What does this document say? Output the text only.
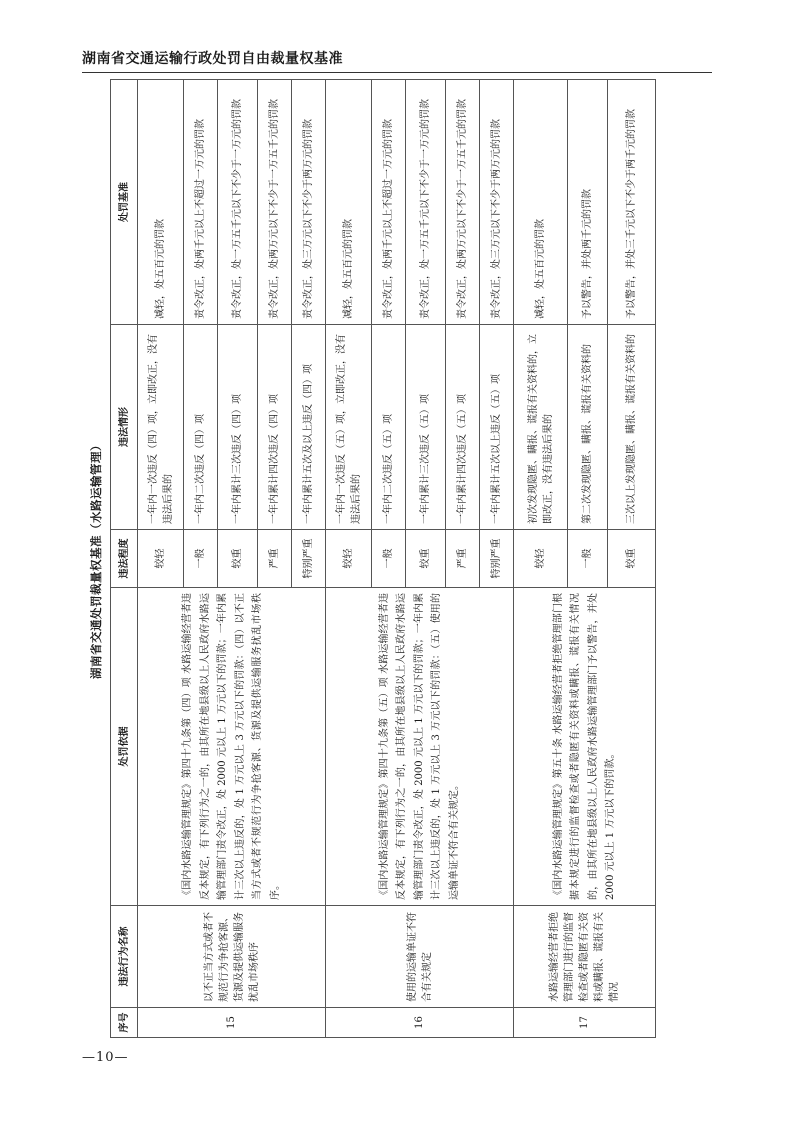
湖南省交通运输行政处罚自由裁量权基准
湖南省交通处罚裁量权基准（水路运输管理）
序号	违法行为名称	处罚依据	违法程度	违法情形	处罚基准
15	以不正当方式或者不规范行为争抢客源、货源及提供运输服务扰乱市场秩序	《国内水路运输管理规定》第四十九条第（四）项 水路运输经营者违反本规定，有下列行为之一的，由其所在地县级以上人民政府水路运输管理部门责令改正，处 2000 元以上 1 万元以下的罚款；一年内累计三次以上违反的，处 1 万元以上 3 万元以下的罚款：（四）以不正当方式或者不规范行为争抢客源、货源及提供运输服务扰乱市场秩序。	较轻	一年内一次违反（四）项，立即改正，没有违法后果的	减轻，处五百元的罚款
			一般	一年内二次违反（四）项	责令改正，处两千元以上不超过一万元的罚款
			较重	一年内累计三次违反（四）项	责令改正，处一万五千元以下不少于一万元的罚款
			严重	一年内累计四次违反（四）项	责令改正，处两万元以下不少于一万五千元的罚款
			特别严重	一年内累计五次及以上违反（四）项	责令改正，处三万元以下不少于两万元的罚款
16	使用的运输单证不符合有关规定	《国内水路运输管理规定》第四十九条第（五）项 水路运输经营者违反本规定，有下列行为之一的，由其所在地县级以上人民政府水路运输管理部门责令改正，处 2000 元以上 1 万元以下的罚款；一年内累计三次以上违反的，处 1 万元以上 3 万元以下的罚款：（五）使用的运输单证不符合有关规定。	较轻	一年内一次违反（五）项，立即改正，没有违法后果的	减轻，处五百元的罚款
			一般	一年内二次违反（五）项	责令改正，处两千元以上不超过一万元的罚款
			较重	一年内累计三次违反（五）项	责令改正，处一万五千元以下不少于一万元的罚款
			严重	一年内累计四次违反（五）项	责令改正，处两万元以下不少于一万五千元的罚款
			特别严重	一年内累计五次以上违反（五）项	责令改正，处三万元以下不少于两万元的罚款
17	水路运输经营者拒绝管理部门进行的监督检查或者隐匿有关资料或瞒报、谎报有关情况	《国内水路运输管理规定》第五十条 水路运输经营者拒绝管理部门根据本规定进行的监督检查或者隐匿有关资料或瞒报、谎报有关情况的，由其所在地县级以上人民政府水路运输管理部门予以警告，并处 2000 元以上 1 万元以下的罚款。	较轻	初次发现隐匿、瞒报、谎报有关资料的，立即改正，没有违法后果的	减轻，处五百元的罚款
			一般	第二次发现隐匿、瞒报、谎报有关资料的	予以警告，并处两千元的罚款
			较重	三次以上发现隐匿、瞒报、谎报有关资料的	予以警告，并处三千元以下不少于两千元的罚款
—10—
